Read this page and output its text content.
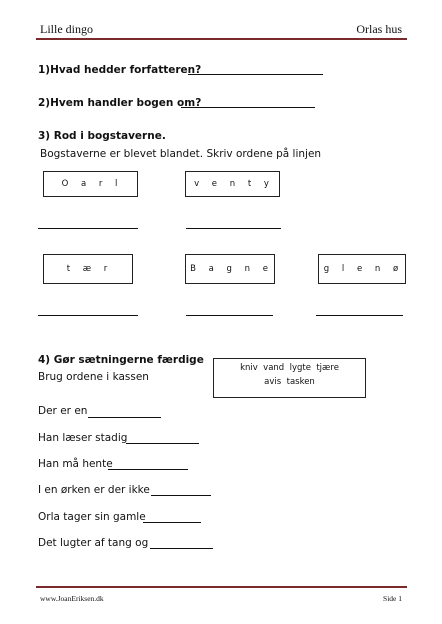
Lille dingo	Orlas hus
1)Hvad hedder forfatteren?
2)Hvem handler bogen om?
3) Rod i bogstaverne.
Bogstaverne er blevet blandet. Skriv ordene på linjen
O a r l	v e n t y
t æ r	B a g n e	g l e n ø
4) Gør sætningerne færdige
Brug ordene i kassen
kniv  vand  lygte  tjære
avis  tasken
Der er en
Han læser stadig
Han må hente
I en ørken er der ikke
Orla tager sin gamle
Det lugter af tang og
www.JoanEriksen.dk	Side 1
